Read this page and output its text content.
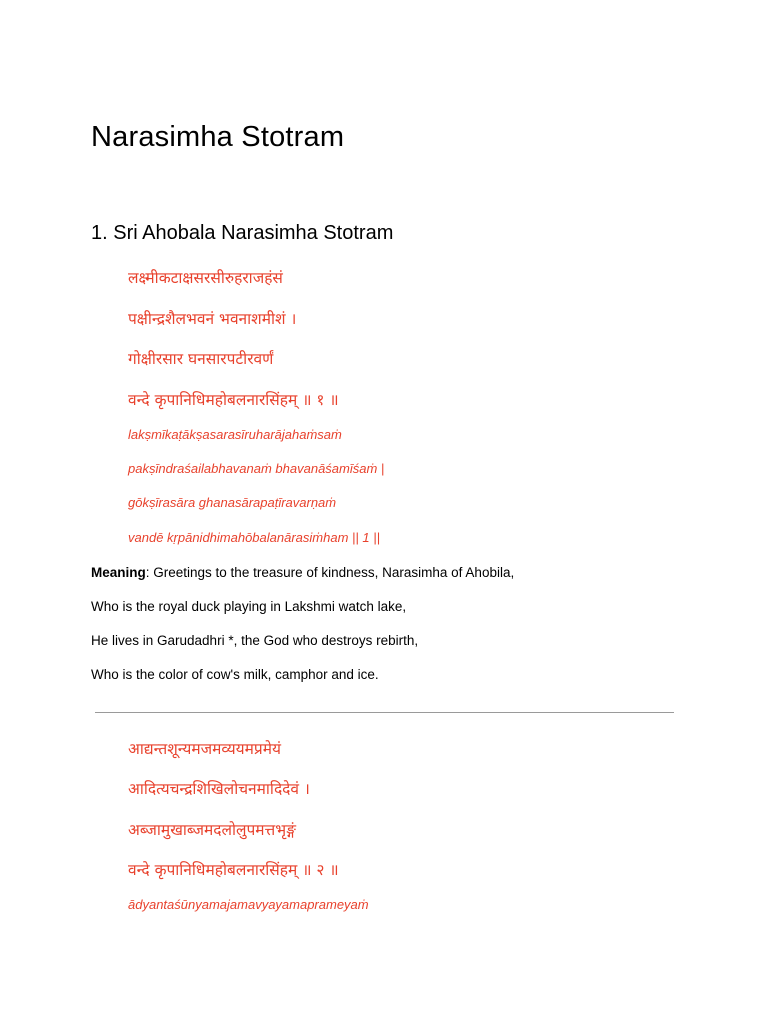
Narasimha Stotram
1. Sri Ahobala Narasimha Stotram
लक्ष्मीकटाक्षसरसीरुहराजहंसं
पक्षीन्द्रशैलभवनं भवनाशमीशं ।
गोक्षीरसार घनसारपटीरवर्णं
वन्दे कृपानिधिमहोबलनारसिंहम् ॥ १ ॥
lakṣmīkaṭākṣasarasīruharājahaṁsaṁ
pakṣīndraśailabhavanaṁ bhavanāśamīśaṁ |
gōkṣīrasāra ghanasārapaṭīravarṇaṁ
vandē kṛpānidhimahōbalanārasiṁham || 1 ||
Meaning: Greetings to the treasure of kindness, Narasimha of Ahobila,
Who is the royal duck playing in Lakshmi watch lake,
He lives in Garudadhri *, the God who destroys rebirth,
Who is the color of cow's milk, camphor and ice.
आद्यन्तशून्यमजमव्ययमप्रमेयं
आदित्यचन्द्रशिखिलोचनमादिदेवं ।
अब्जामुखाब्जमदलोलुपमत्तभृङ्गं
वन्दे कृपानिधिमहोबलनारसिंहम् ॥ २ ॥
ādyantaśūnyamajamavyayamaprameyaṁ
